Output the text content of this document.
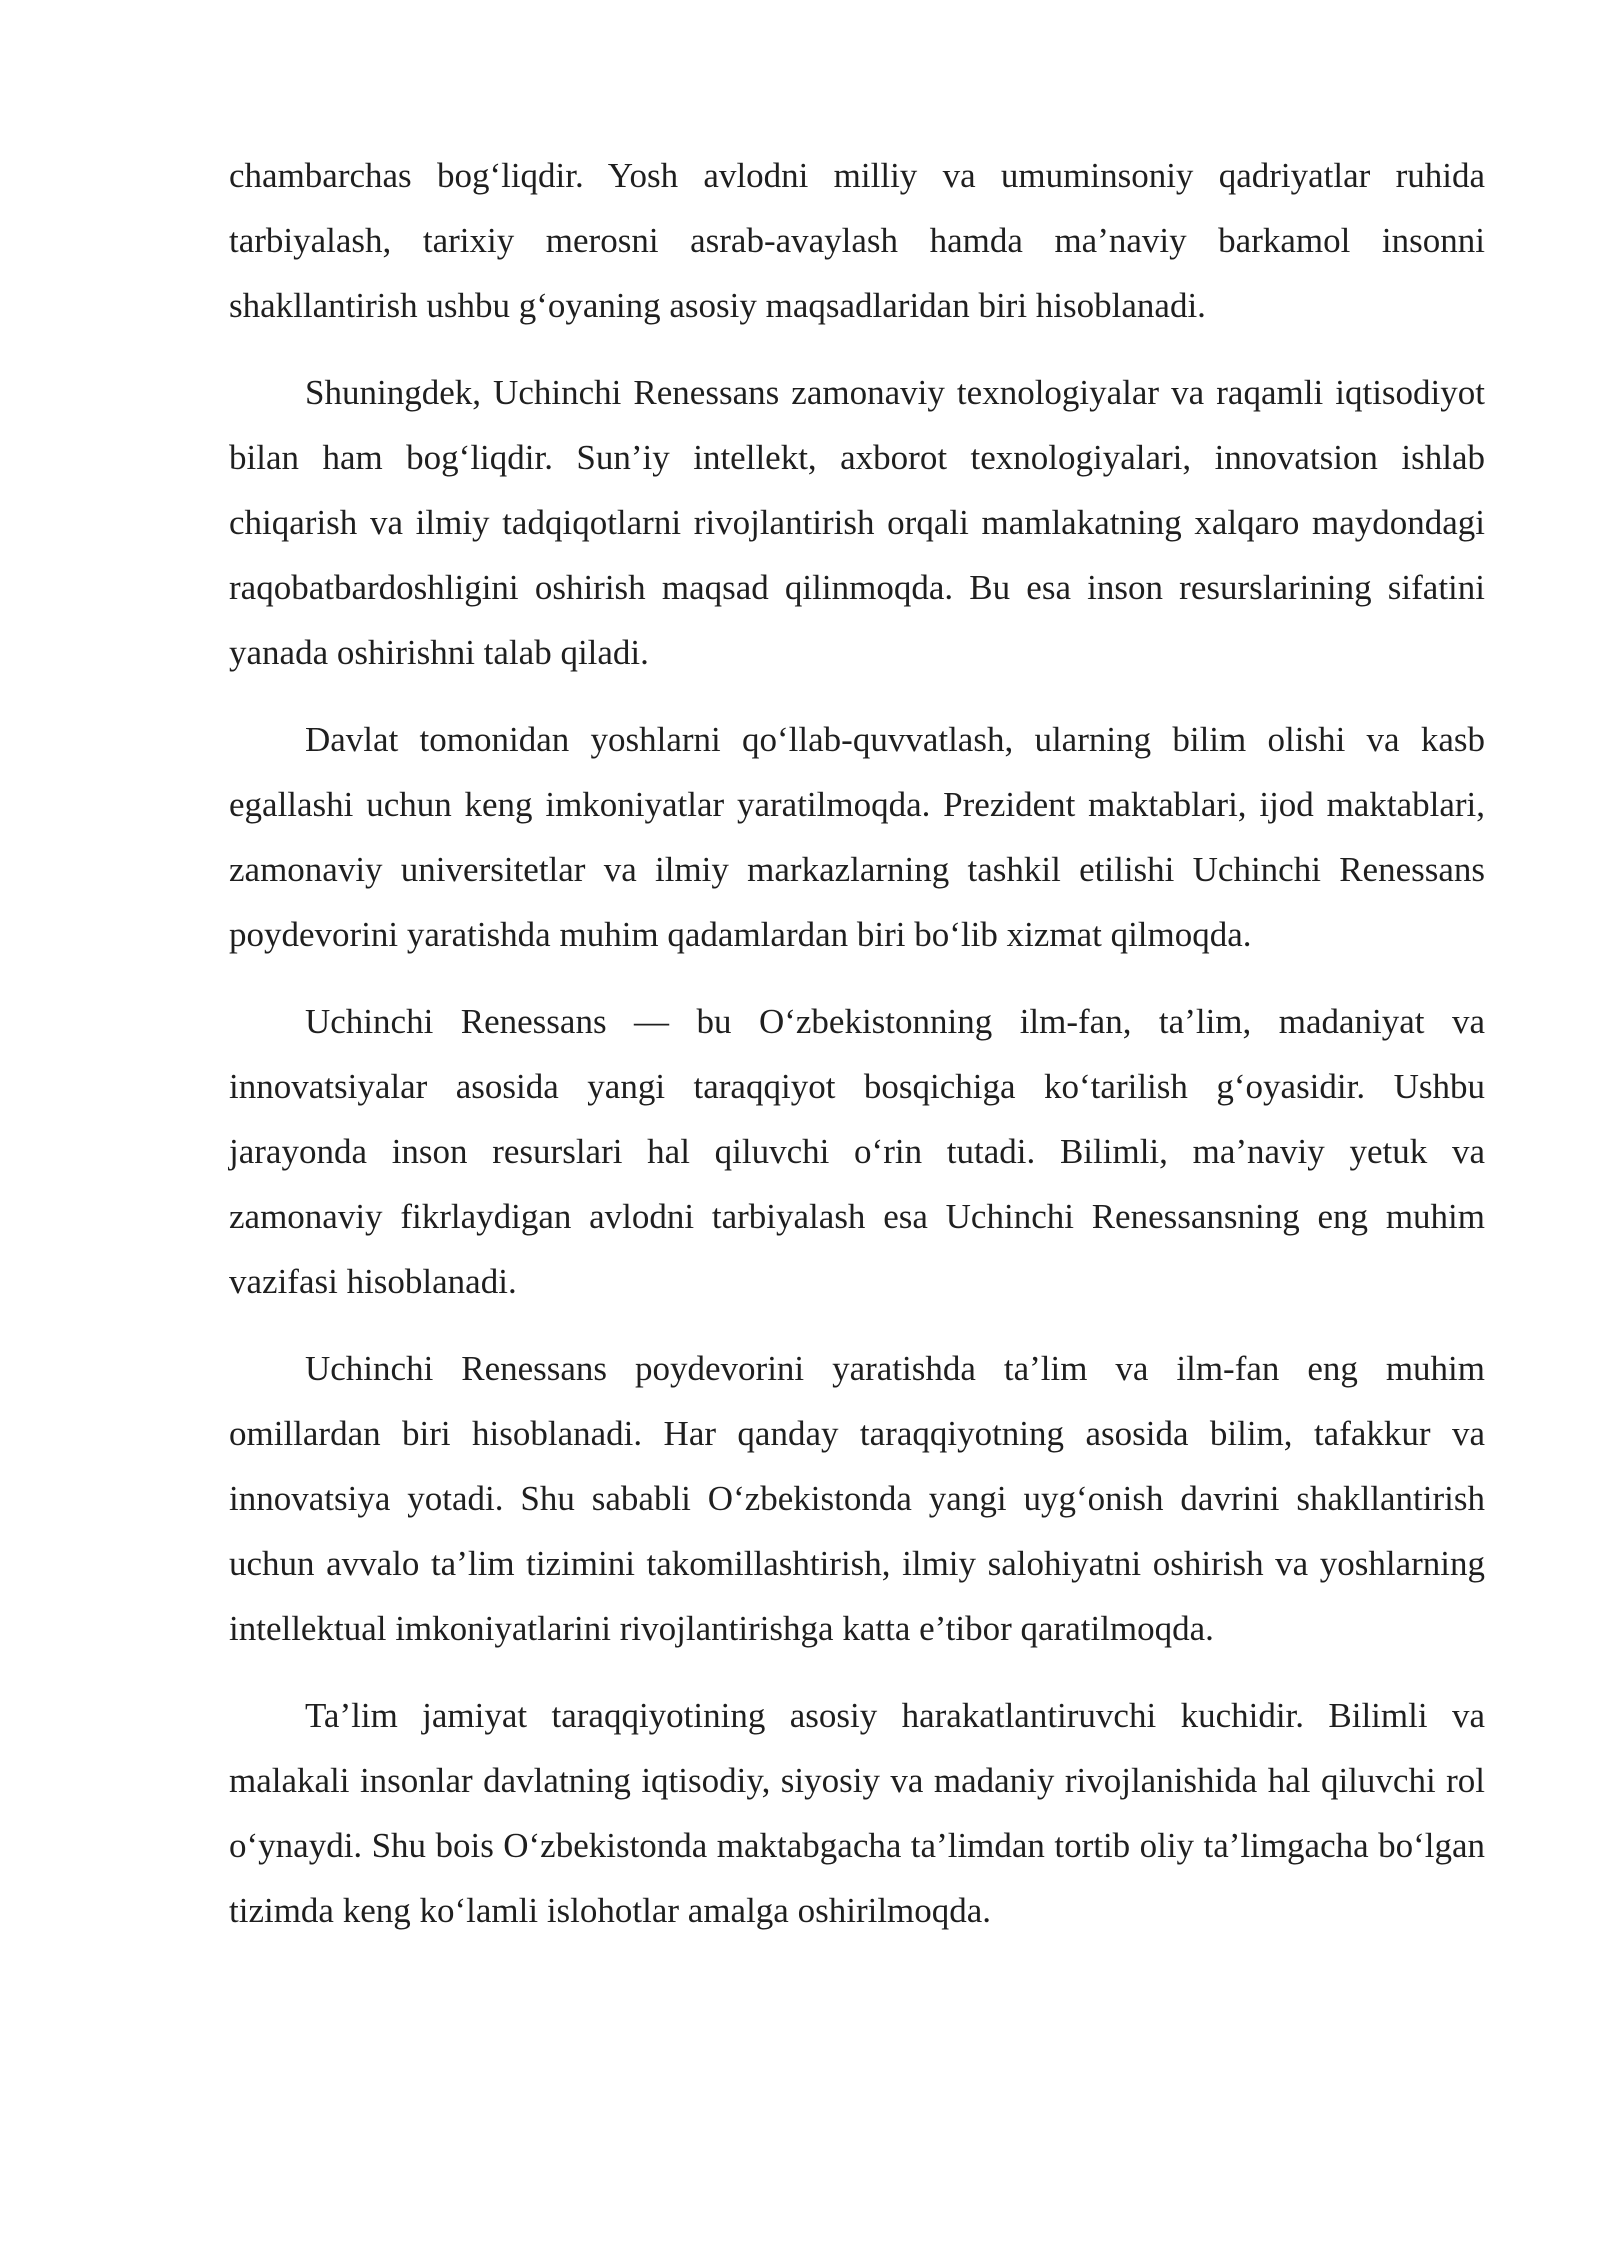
chambarchas bog‘liqdir. Yosh avlodni milliy va umuminsoniy qadriyatlar ruhida tarbiyalash, tarixiy merosni asrab-avaylash hamda ma’naviy barkamol insonni shakllantirish ushbu g‘oyaning asosiy maqsadlaridan biri hisoblanadi.

Shuningdek, Uchinchi Renessans zamonaviy texnologiyalar va raqamli iqtisodiyot bilan ham bog‘liqdir. Sun’iy intellekt, axborot texnologiyalari, innovatsion ishlab chiqarish va ilmiy tadqiqotlarni rivojlantirish orqali mamlakatning xalqaro maydondagi raqobatbardoshligini oshirish maqsad qilinmoqda. Bu esa inson resurslarining sifatini yanada oshirishni talab qiladi.

Davlat tomonidan yoshlarni qo‘llab-quvvatlash, ularning bilim olishi va kasb egallashi uchun keng imkoniyatlar yaratilmoqda. Prezident maktablari, ijod maktablari, zamonaviy universitetlar va ilmiy markazlarning tashkil etilishi Uchinchi Renessans poydevorini yaratishda muhim qadamlardan biri bo‘lib xizmat qilmoqda.

Uchinchi Renessans — bu O‘zbekistonning ilm-fan, ta’lim, madaniyat va innovatsiyalar asosida yangi taraqqiyot bosqichiga ko‘tarilish g‘oyasidir. Ushbu jarayonda inson resurslari hal qiluvchi o‘rin tutadi. Bilimli, ma’naviy yetuk va zamonaviy fikrlaydigan avlodni tarbiyalash esa Uchinchi Renessansning eng muhim vazifasi hisoblanadi.

Uchinchi Renessans poydevorini yaratishda ta’lim va ilm-fan eng muhim omillardan biri hisoblanadi. Har qanday taraqqiyotning asosida bilim, tafakkur va innovatsiya yotadi. Shu sababli O‘zbekistonda yangi uyg‘onish davrini shakllantirish uchun avvalo ta’lim tizimini takomillashtirish, ilmiy salohiyatni oshirish va yoshlarning intellektual imkoniyatlarini rivojlantirishga katta e’tibor qaratilmoqda.

Ta’lim jamiyat taraqqiyotining asosiy harakatlantiruvchi kuchidir. Bilimli va malakali insonlar davlatning iqtisodiy, siyosiy va madaniy rivojlanishida hal qiluvchi rol o‘ynaydi. Shu bois O‘zbekistonda maktabgacha ta’limdan tortib oliy ta’limgacha bo‘lgan tizimda keng ko‘lamli islohotlar amalga oshirilmoqda.
